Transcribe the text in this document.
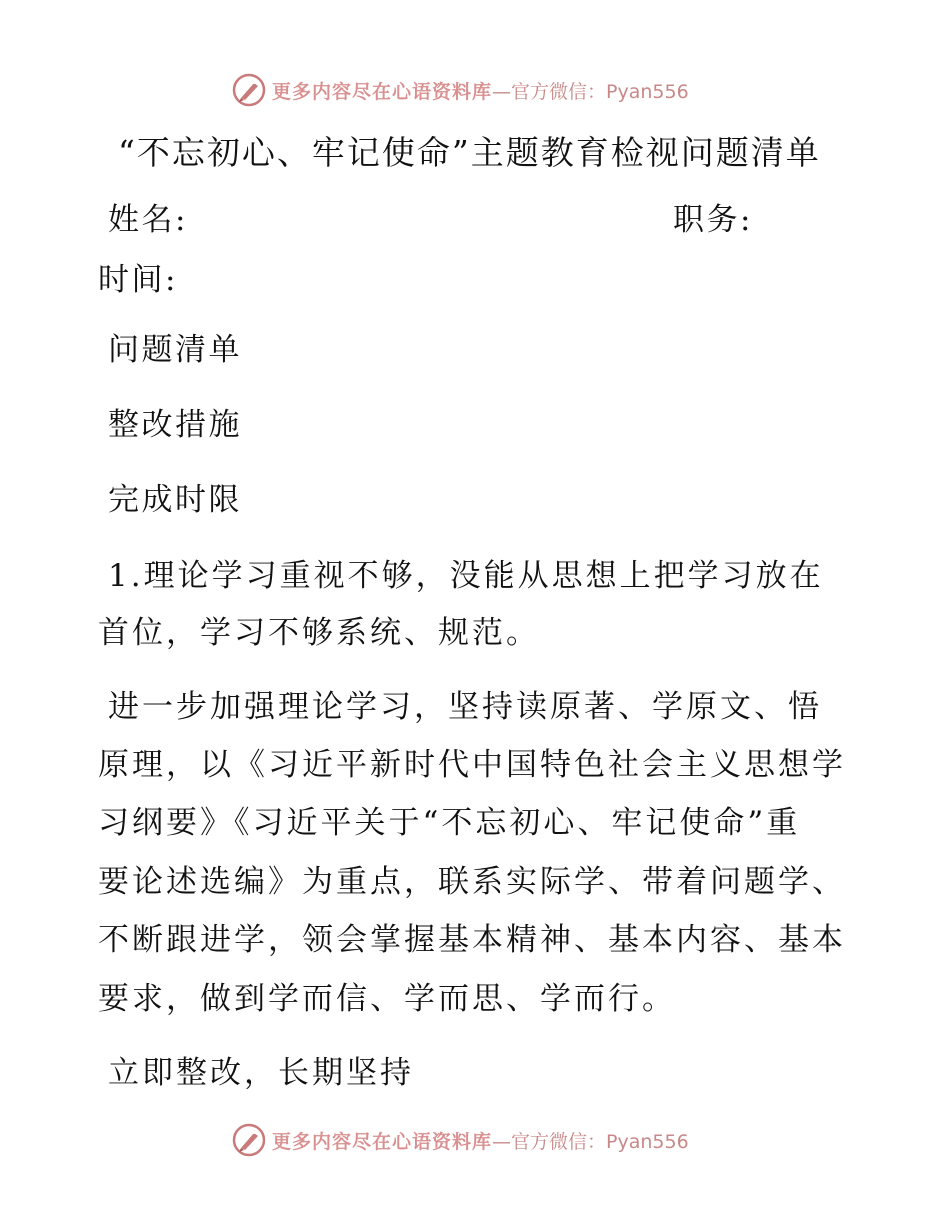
更多内容尽在心语资料库 —官方微信：Pyan556
“不忘初心、牢记使命”主题教育检视问题清单
姓名:	职务:
时间:
问题清单
整改措施
完成时限
1.理论学习重视不够，没能从思想上把学习放在
首位，学习不够系统、规范。
进一步加强理论学习，坚持读原著、学原文、悟
原理，以《习近平新时代中国特色社会主义思想学
习纲要》《习近平关于“不忘初心、牢记使命”重
要论述选编》为重点，联系实际学、带着问题学、
不断跟进学，领会掌握基本精神、基本内容、基本
要求，做到学而信、学而思、学而行。
立即整改，长期坚持
更多内容尽在心语资料库 —官方微信：Pyan556
